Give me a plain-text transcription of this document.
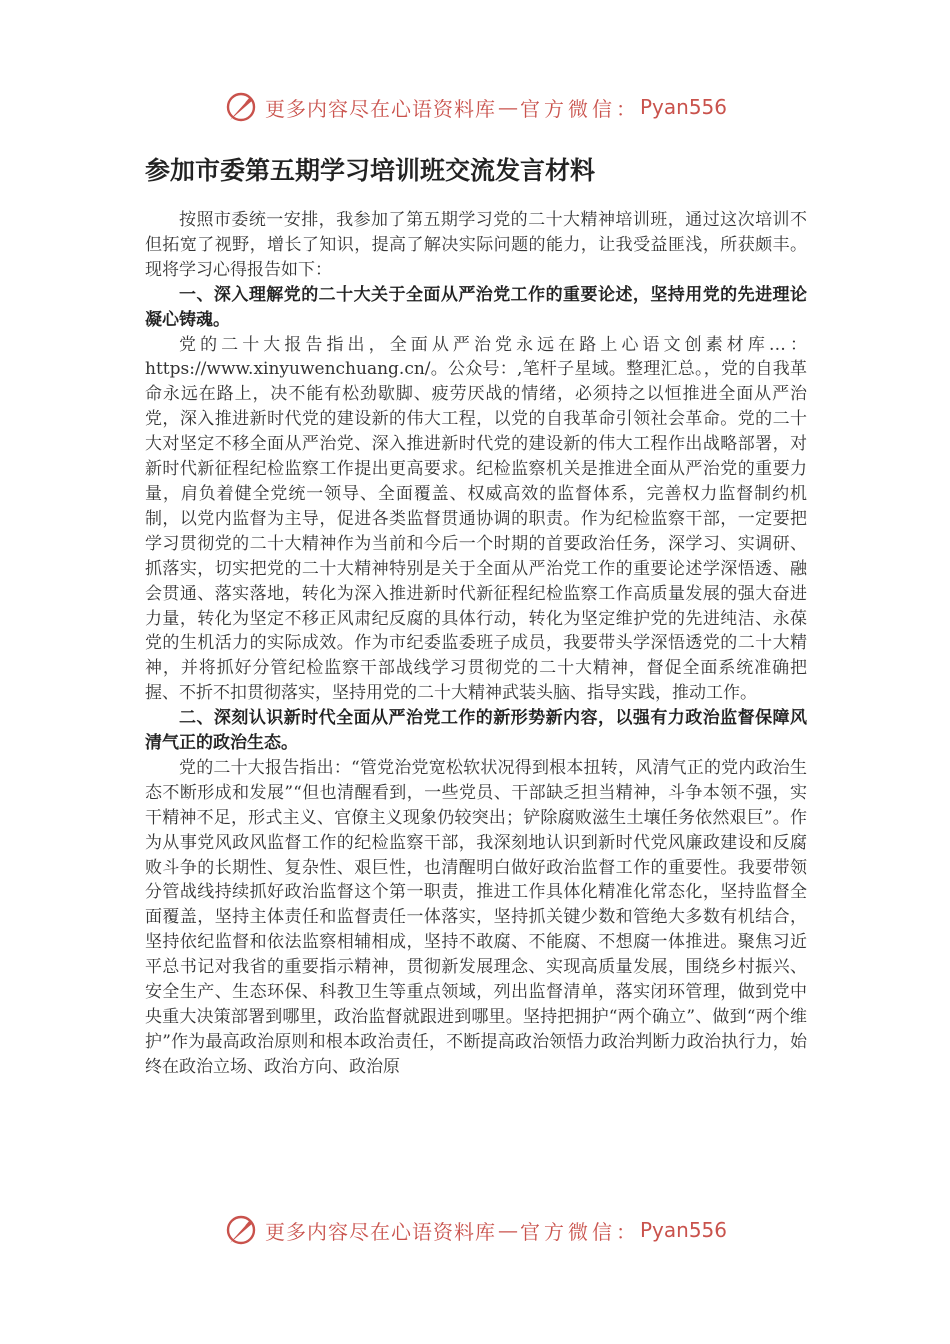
更多内容尽在心语资料库 — 官方微信： Pyan556
参加市委第五期学习培训班交流发言材料

按照市委统一安排，我参加了第五期学习党的二十大精神培训班，通过这次培训不但拓宽了视野，增长了知识，提高了解决实际问题的能力，让我受益匪浅，所获颇丰。现将学习心得报告如下：

一、深入理解党的二十大关于全面从严治党工作的重要论述，坚持用党的先进理论凝心铸魂。

党的二十大报告指出，全面从严治党永远在路上心语文创素材库…：https://www.xinyuwenchuang.cn/。公众号：,笔杆子星域。整理汇总。，党的自我革命永远在路上，决不能有松劲歇脚、疲劳厌战的情绪，必须持之以恒推进全面从严治党，深入推进新时代党的建设新的伟大工程，以党的自我革命引领社会革命。党的二十大对坚定不移全面从严治党、深入推进新时代党的建设新的伟大工程作出战略部署，对新时代新征程纪检监察工作提出更高要求。纪检监察机关是推进全面从严治党的重要力量，肩负着健全党统一领导、全面覆盖、权威高效的监督体系，完善权力监督制约机制，以党内监督为主导，促进各类监督贯通协调的职责。作为纪检监察干部，一定要把学习贯彻党的二十大精神作为当前和今后一个时期的首要政治任务，深学习、实调研、抓落实，切实把党的二十大精神特别是关于全面从严治党工作的重要论述学深悟透、融会贯通、落实落地，转化为深入推进新时代新征程纪检监察工作高质量发展的强大奋进力量，转化为坚定不移正风肃纪反腐的具体行动，转化为坚定维护党的先进纯洁、永葆党的生机活力的实际成效。作为市纪委监委班子成员，我要带头学深悟透党的二十大精神，并将抓好分管纪检监察干部战线学习贯彻党的二十大精神，督促全面系统准确把握、不折不扣贯彻落实，坚持用党的二十大精神武装头脑、指导实践，推动工作。

二、深刻认识新时代全面从严治党工作的新形势新内容，以强有力政治监督保障风清气正的政治生态。

党的二十大报告指出：“管党治党宽松软状况得到根本扭转，风清气正的党内政治生态不断形成和发展”“但也清醒看到，一些党员、干部缺乏担当精神，斗争本领不强，实干精神不足，形式主义、官僚主义现象仍较突出；铲除腐败滋生土壤任务依然艰巨”。作为从事党风政风监督工作的纪检监察干部，我深刻地认识到新时代党风廉政建设和反腐败斗争的长期性、复杂性、艰巨性，也清醒明白做好政治监督工作的重要性。我要带领分管战线持续抓好政治监督这个第一职责，推进工作具体化精准化常态化，坚持监督全面覆盖，坚持主体责任和监督责任一体落实，坚持抓关键少数和管绝大多数有机结合，坚持依纪监督和依法监察相辅相成，坚持不敢腐、不能腐、不想腐一体推进。聚焦习近平总书记对我省的重要指示精神，贯彻新发展理念、实现高质量发展，围绕乡村振兴、安全生产、生态环保、科教卫生等重点领域，列出监督清单，落实闭环管理，做到党中央重大决策部署到哪里，政治监督就跟进到哪里。坚持把拥护“两个确立”、做到“两个维护”作为最高政治原则和根本政治责任，不断提高政治领悟力政治判断力政治执行力，始终在政治立场、政治方向、政治原

更多内容尽在心语资料库 — 官方微信： Pyan556
